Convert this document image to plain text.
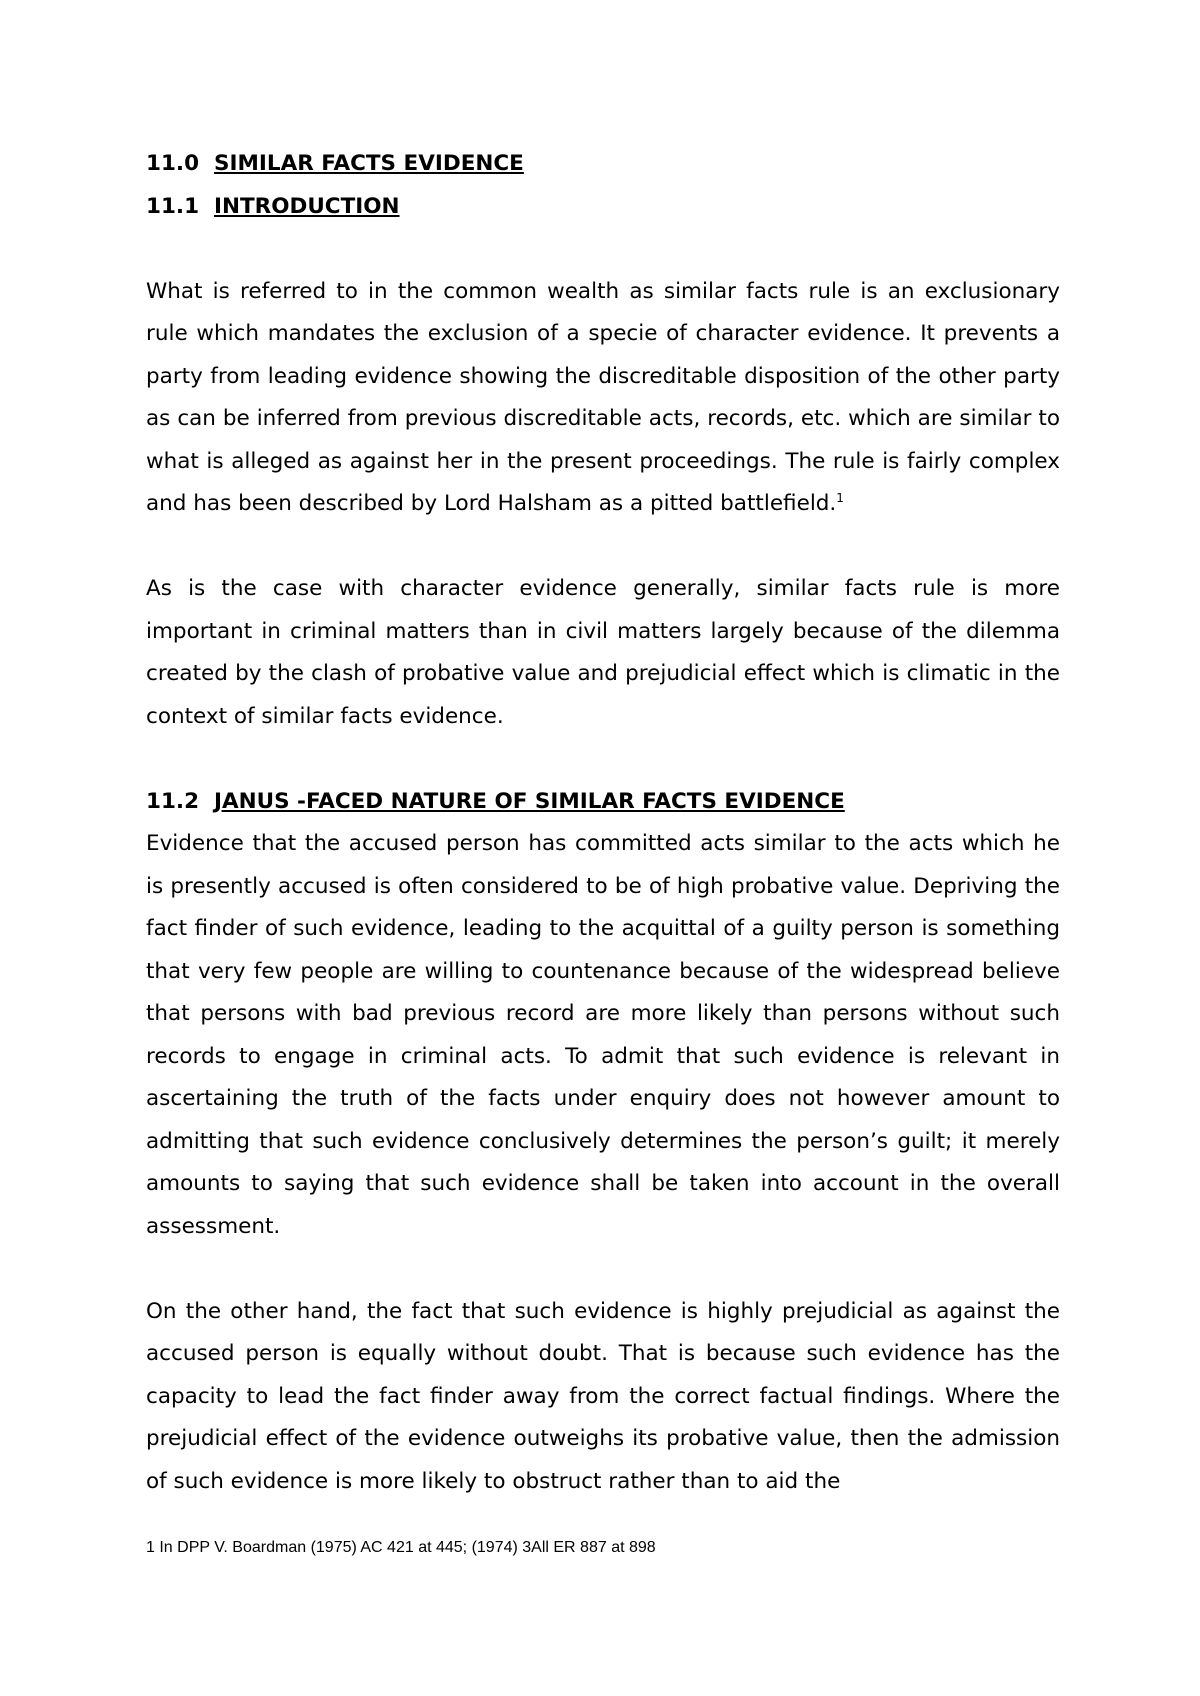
11.0 SIMILAR FACTS EVIDENCE

11.1 INTRODUCTION

What is referred to in the common wealth as similar facts rule is an exclusionary rule which mandates the exclusion of a specie of character evidence. It prevents a party from leading evidence showing the discreditable disposition of the other party as can be inferred from previous discreditable acts, records, etc. which are similar to what is alleged as against her in the present proceedings. The rule is fairly complex and has been described by Lord Halsham as a pitted battlefield.$^1$

As is the case with character evidence generally, similar facts rule is more important in criminal matters than in civil matters largely because of the dilemma created by the clash of probative value and prejudicial effect which is climatic in the context of similar facts evidence.

11.2 JANUS -FACED NATURE OF SIMILAR FACTS EVIDENCE

Evidence that the accused person has committed acts similar to the acts which he is presently accused is often considered to be of high probative value. Depriving the fact finder of such evidence, leading to the acquittal of a guilty person is something that very few people are willing to countenance because of the widespread believe that persons with bad previous record are more likely than persons without such records to engage in criminal acts. To admit that such evidence is relevant in ascertaining the truth of the facts under enquiry does not however amount to admitting that such evidence conclusively determines the person’s guilt; it merely amounts to saying that such evidence shall be taken into account in the overall assessment.

On the other hand, the fact that such evidence is highly prejudicial as against the accused person is equally without doubt. That is because such evidence has the capacity to lead the fact finder away from the correct factual findings. Where the prejudicial effect of the evidence outweighs its probative value, then the admission of such evidence is more likely to obstruct rather than to aid the

1 In DPP V. Boardman (1975) AC 421 at 445; (1974) 3All ER 887 at 898
